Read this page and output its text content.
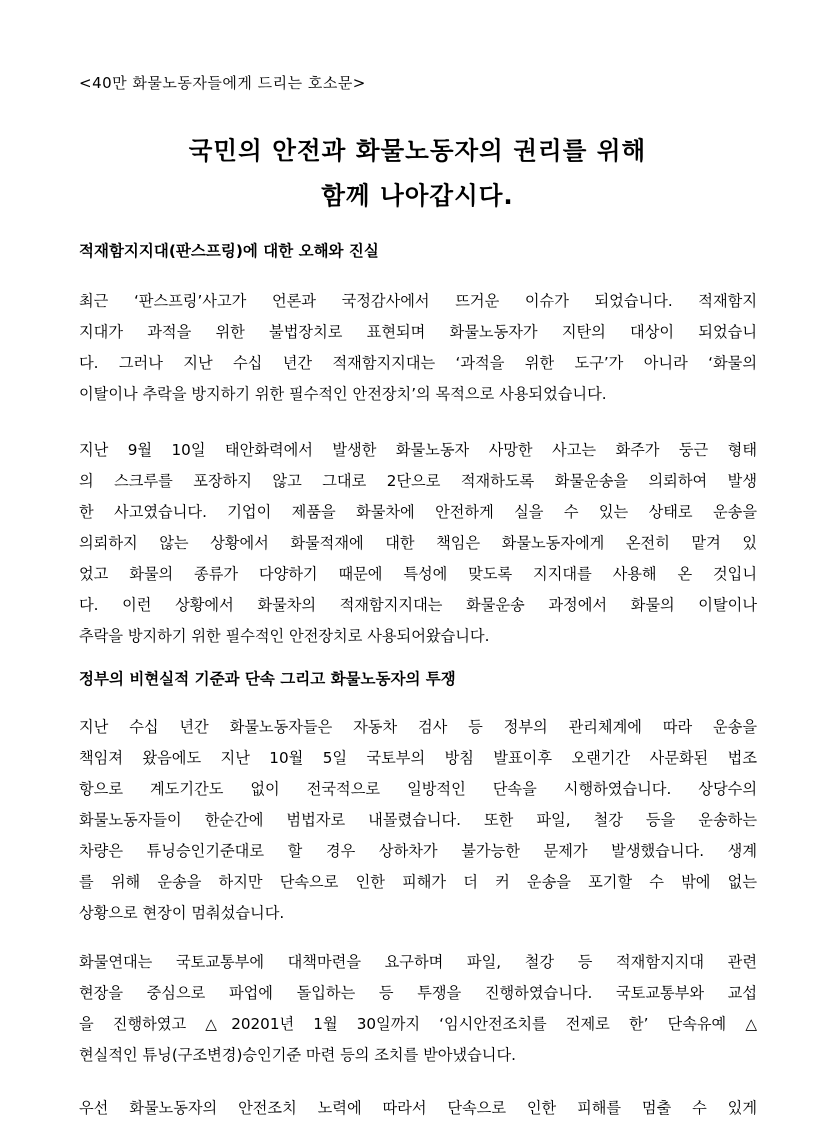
<40만 화물노동자들에게 드리는 호소문>
국민의 안전과 화물노동자의 권리를 위해
함께 나아갑시다.
적재함지지대(판스프링)에 대한 오해와 진실
최근 ‘판스프링’사고가 언론과 국정감사에서 뜨거운 이슈가 되었습니다. 적재함지
지대가 과적을 위한 불법장치로 표현되며 화물노동자가 지탄의 대상이 되었습니
다. 그러나 지난 수십 년간 적재함지지대는 ‘과적을 위한 도구’가 아니라 ‘화물의
이탈이나 추락을 방지하기 위한 필수적인 안전장치’의 목적으로 사용되었습니다.
지난 9월 10일 태안화력에서 발생한 화물노동자 사망한 사고는 화주가 둥근 형태
의 스크루를 포장하지 않고 그대로 2단으로 적재하도록 화물운송을 의뢰하여 발생
한 사고였습니다. 기업이 제품을 화물차에 안전하게 실을 수 있는 상태로 운송을
의뢰하지 않는 상황에서 화물적재에 대한 책임은 화물노동자에게 온전히 맡겨 있
었고 화물의 종류가 다양하기 때문에 특성에 맞도록 지지대를 사용해 온 것입니
다. 이런 상황에서 화물차의 적재함지지대는 화물운송 과정에서 화물의 이탈이나
추락을 방지하기 위한 필수적인 안전장치로 사용되어왔습니다.
정부의 비현실적 기준과 단속 그리고 화물노동자의 투쟁
지난 수십 년간 화물노동자들은 자동차 검사 등 정부의 관리체계에 따라 운송을
책임져 왔음에도 지난 10월 5일 국토부의 방침 발표이후 오랜기간 사문화된 법조
항으로 계도기간도 없이 전국적으로 일방적인 단속을 시행하였습니다. 상당수의
화물노동자들이 한순간에 범법자로 내몰렸습니다. 또한 파일, 철강 등을 운송하는
차량은 튜닝승인기준대로 할 경우 상하차가 불가능한 문제가 발생했습니다. 생계
를 위해 운송을 하지만 단속으로 인한 피해가 더 커 운송을 포기할 수 밖에 없는
상황으로 현장이 멈춰섰습니다.
화물연대는 국토교통부에 대책마련을 요구하며 파일, 철강 등 적재함지지대 관련
현장을 중심으로 파업에 돌입하는 등 투쟁을 진행하였습니다. 국토교통부와 교섭
을 진행하였고 △20201년 1월 30일까지 ‘임시안전조치를 전제로 한’ 단속유예 △
현실적인 튜닝(구조변경)승인기준 마련 등의 조치를 받아냈습니다.
우선 화물노동자의 안전조치 노력에 따라서 단속으로 인한 피해를 멈출 수 있게
